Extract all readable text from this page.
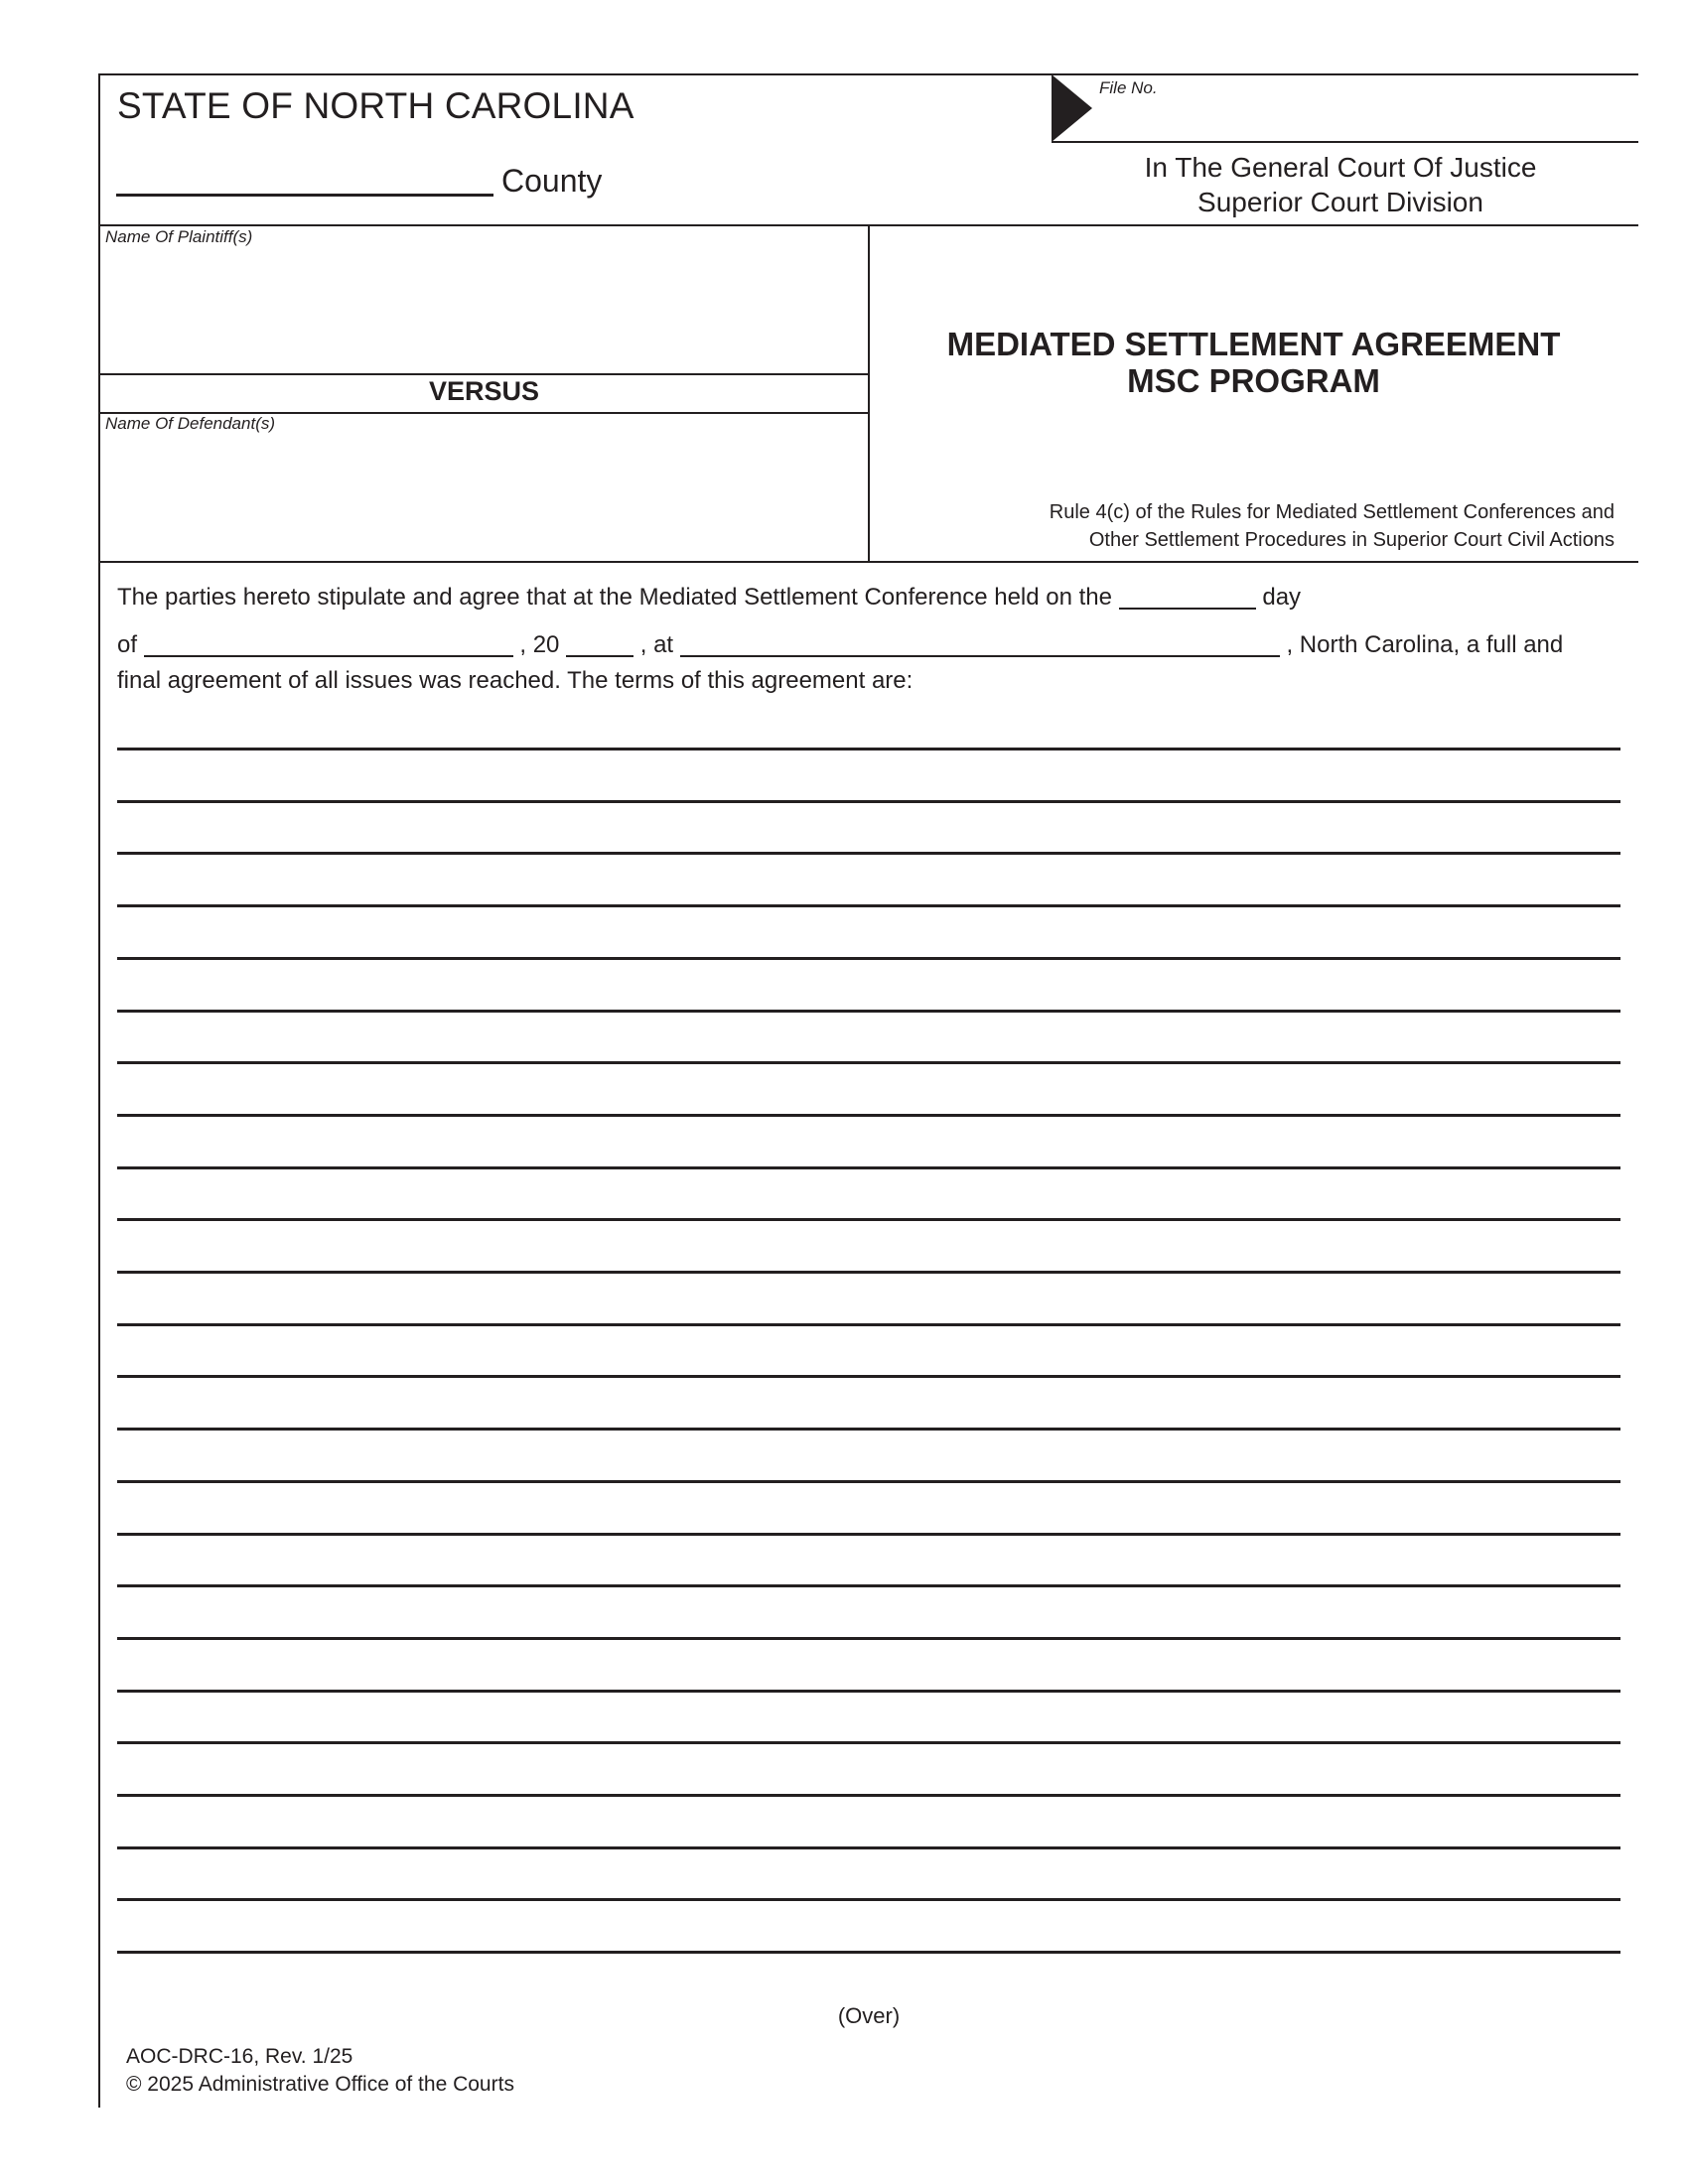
STATE OF NORTH CAROLINA
County
File No.
In The General Court Of Justice
Superior Court Division
Name Of Plaintiff(s)
VERSUS
Name Of Defendant(s)
MEDIATED SETTLEMENT AGREEMENT
MSC PROGRAM
Rule 4(c) of the Rules for Mediated Settlement Conferences and
Other Settlement Procedures in Superior Court Civil Actions
The parties hereto stipulate and agree that at the Mediated Settlement Conference held on the	day
of	, 20	, at	, North Carolina, a full and
final agreement of all issues was reached. The terms of this agreement are:
(Over)
AOC-DRC-16, Rev. 1/25
© 2025 Administrative Office of the Courts
